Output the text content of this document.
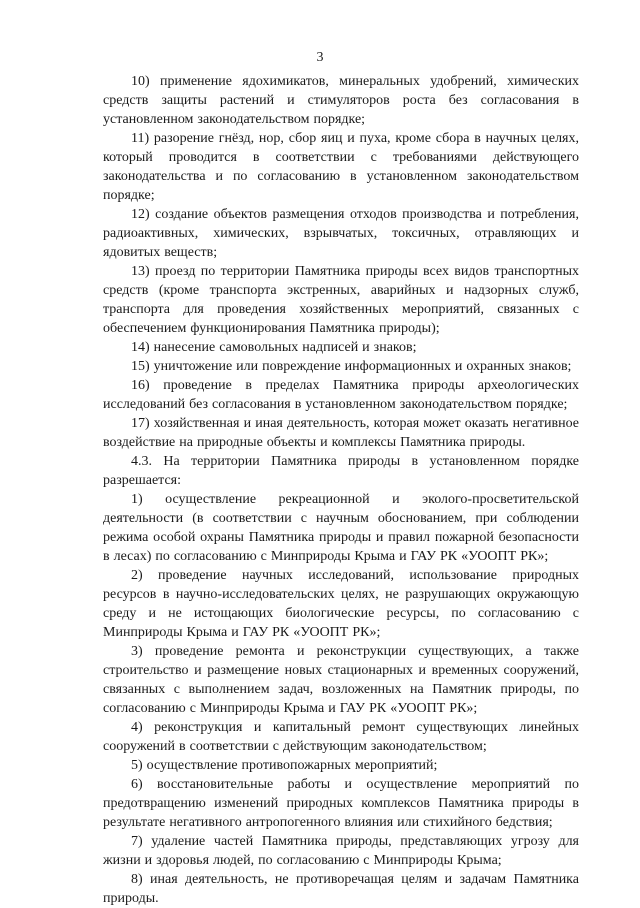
3

10) применение ядохимикатов, минеральных удобрений, химических средств защиты растений и стимуляторов роста без согласования в установленном законодательством порядке;

11) разорение гнёзд, нор, сбор яиц и пуха, кроме сбора в научных целях, который проводится в соответствии с требованиями действующего законодательства и по согласованию в установленном законодательством порядке;

12) создание объектов размещения отходов производства и потребления, радиоактивных, химических, взрывчатых, токсичных, отравляющих и ядовитых веществ;

13) проезд по территории Памятника природы всех видов транспортных средств (кроме транспорта экстренных, аварийных и надзорных служб, транспорта для проведения хозяйственных мероприятий, связанных с обеспечением функционирования Памятника природы);

14) нанесение самовольных надписей и знаков;

15) уничтожение или повреждение информационных и охранных знаков;

16) проведение в пределах Памятника природы археологических исследований без согласования в установленном законодательством порядке;

17) хозяйственная и иная деятельность, которая может оказать негативное воздействие на природные объекты и комплексы Памятника природы.

4.3. На территории Памятника природы в установленном порядке разрешается:

1) осуществление рекреационной и эколого-просветительской деятельности (в соответствии с научным обоснованием, при соблюдении режима особой охраны Памятника природы и правил пожарной безопасности в лесах) по согласованию с Минприроды Крыма и ГАУ РК «УООПТ РК»;

2) проведение научных исследований, использование природных ресурсов в научно-исследовательских целях, не разрушающих окружающую среду и не истощающих биологические ресурсы, по согласованию с Минприроды Крыма и ГАУ РК «УООПТ РК»;

3) проведение ремонта и реконструкции существующих, а также строительство и размещение новых стационарных и временных сооружений, связанных с выполнением задач, возложенных на Памятник природы, по согласованию с Минприроды Крыма и ГАУ РК «УООПТ РК»;

4) реконструкция и капитальный ремонт существующих линейных сооружений в соответствии с действующим законодательством;

5) осуществление противопожарных мероприятий;

6) восстановительные работы и осуществление мероприятий по предотвращению изменений природных комплексов Памятника природы в результате негативного антропогенного влияния или стихийного бедствия;

7) удаление частей Памятника природы, представляющих угрозу для жизни и здоровья людей, по согласованию с Минприроды Крыма;

8) иная деятельность, не противоречащая целям и задачам Памятника природы.
